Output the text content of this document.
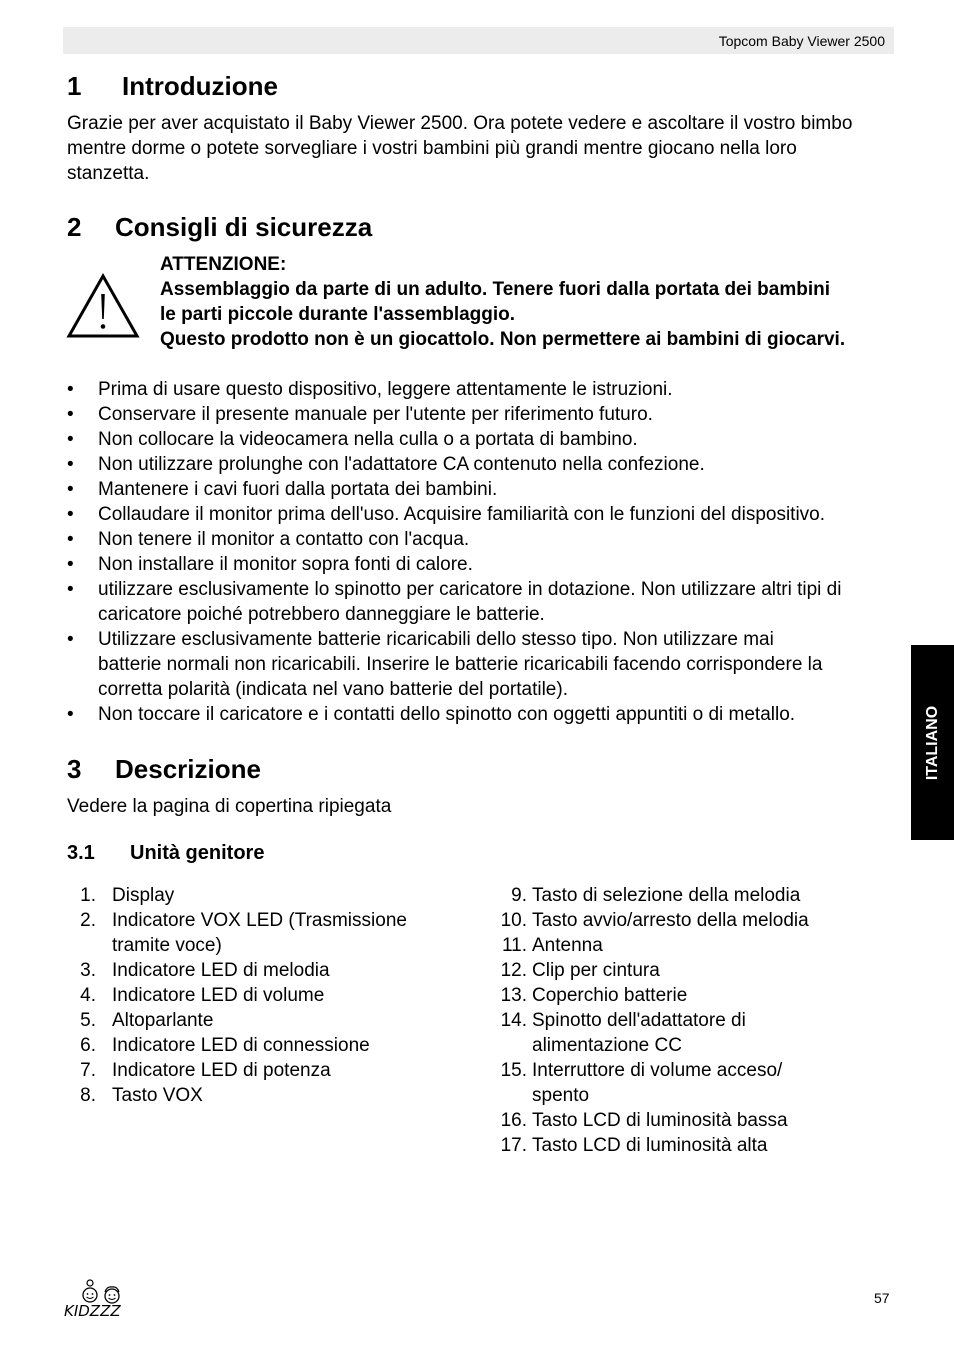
Topcom Baby Viewer 2500
1 Introduzione
Grazie per aver acquistato il Baby Viewer 2500. Ora potete vedere e ascoltare il vostro bimbo
mentre dorme o potete sorvegliare i vostri bambini più grandi mentre giocano nella loro
stanzetta.
2 Consigli di sicurezza
ATTENZIONE:
Assemblaggio da parte di un adulto. Tenere fuori dalla portata dei bambini
le parti piccole durante l'assemblaggio.
Questo prodotto non è un giocattolo. Non permettere ai bambini di giocarvi.
• Prima di usare questo dispositivo, leggere attentamente le istruzioni.
• Conservare il presente manuale per l'utente per riferimento futuro.
• Non collocare la videocamera nella culla o a portata di bambino.
• Non utilizzare prolunghe con l'adattatore CA contenuto nella confezione.
• Mantenere i cavi fuori dalla portata dei bambini.
• Collaudare il monitor prima dell'uso. Acquisire familiarità con le funzioni del dispositivo.
• Non tenere il monitor a contatto con l'acqua.
• Non installare il monitor sopra fonti di calore.
• utilizzare esclusivamente lo spinotto per caricatore in dotazione. Non utilizzare altri tipi di
caricatore poiché potrebbero danneggiare le batterie.
• Utilizzare esclusivamente batterie ricaricabili dello stesso tipo. Non utilizzare mai
batterie normali non ricaricabili. Inserire le batterie ricaricabili facendo corrispondere la
corretta polarità (indicata nel vano batterie del portatile).
• Non toccare il caricatore e i contatti dello spinotto con oggetti appuntiti o di metallo.
3 Descrizione
Vedere la pagina di copertina ripiegata
3.1 Unità genitore
1. Display
2. Indicatore VOX LED (Trasmissione
tramite voce)
3. Indicatore LED di melodia
4. Indicatore LED di volume
5. Altoparlante
6. Indicatore LED di connessione
7. Indicatore LED di potenza
8. Tasto VOX
9. Tasto di selezione della melodia
10. Tasto avvio/arresto della melodia
11. Antenna
12. Clip per cintura
13. Coperchio batterie
14. Spinotto dell'adattatore di
alimentazione CC
15. Interruttore di volume acceso/
spento
16. Tasto LCD di luminosità bassa
17. Tasto LCD di luminosità alta
ITALIANO
KIDZZZ
57
